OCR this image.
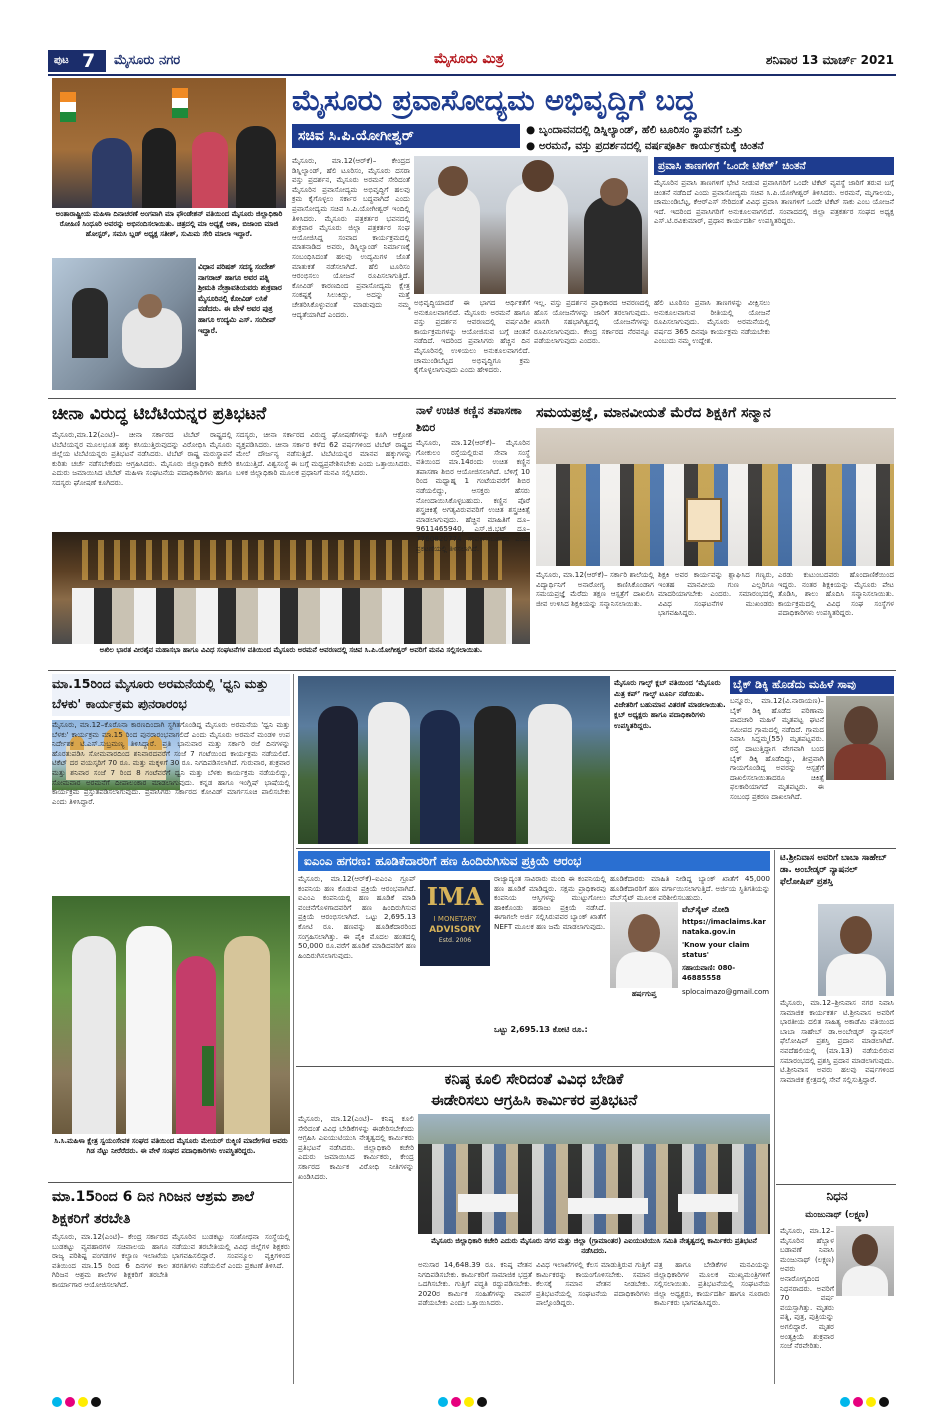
ಪುಟ 7 ಮೈಸೂರು ನಗರ	ಮೈಸೂರು ಮಿತ್ರ	ಶನಿವಾರ 13 ಮಾರ್ಚ್ 2021
ಅಂತಾರಾಷ್ಟ್ರೀಯ ಮಹಿಳಾ ದಿನಾಚರಣೆ ಅಂಗವಾಗಿ ಮಾ ಫೌಂಡೇಶನ್ ವತಿಯಿಂದ ಮೈಸೂರು ಜಿಲ್ಲಾಧಿಕಾರಿ ರೋಹಿಣಿ ಸಿಂಧೂರಿ ಅವರನ್ನು ಅಭಿನಂದಿಸಲಾಯಿತು. ಚಿತ್ರದಲ್ಲಿ ಮಾ ಅಧ್ಯಕ್ಷೆ ಆಶಾ, ಬಿಜಾಂಬಿ ಮಾಜಿ ಹೋಸ್ಟರ್, ಸಮಸಿ ಬ್ಲಡ್ ಅಧ್ಯಕ್ಷ ಸತೀಶ್, ಸುಮಿಮ ಸೇರಿ ಮಾಲಾ ಇದ್ದಾರೆ.
ವಿಧಾನ ಪರಿಷತ್ ಸದಸ್ಯ ಸಂದೇಶ್ ನಾಗರಾಜ್ ಹಾಗೂ ಅವರ ಪತ್ನಿ ಶ್ರೀಮತಿ ನೇತ್ರಾವತಿಯವರು ಶುಕ್ರವಾರ ಮೈಸೂರಿನಲ್ಲಿ ಕೋವಿಡ್ ಲಸಿಕೆ ಪಡೆದರು. ಈ ವೇಳೆ ಅವರ ಪುತ್ರ ಹಾಗೂ ಉದ್ಯಮಿ ಎಸ್. ಸಂದೀಪ್ ಇದ್ದಾರೆ.
ಮೈಸೂರು ಪ್ರವಾಸೋದ್ಯಮ ಅಭಿವೃದ್ಧಿಗೆ ಬದ್ಧ
ಸಚಿವ ಸಿ.ಪಿ.ಯೋಗೀಶ್ವರ್	● ಬೃಂದಾವನದಲ್ಲಿ ಡಿಸ್ನಿಲ್ಯಾಂಡ್, ಹೆಲಿ ಟೂರಿಸಂ ಸ್ಥಾಪನೆಗೆ ಒತ್ತು
● ಅರಮನೆ, ವಸ್ತು ಪ್ರದರ್ಶನದಲ್ಲಿ ವರ್ಷಪೂರ್ತಿ ಕಾರ್ಯಕ್ರಮಕ್ಕೆ ಚಿಂತನೆ
ಮೈಸೂರು, ಮಾ.12(ಆರ್‌ಕೆ)– ಕೇಂದ್ರದ ಡಿಸ್ನಿಲ್ಯಾಂಡ್, ಹೆಲಿ ಟೂರಿಸಂ, ಮೈಸೂರು ದಸರಾ ವಸ್ತು ಪ್ರದರ್ಶನ, ಮೈಸೂರು ಅರಮನೆ ಸೇರಿದಂತೆ ಮೈಸೂರಿನ ಪ್ರವಾಸೋದ್ಯಮ ಅಭಿವೃದ್ಧಿಗೆ ಹಲವು ಕ್ರಮ ಕೈಗೊಳ್ಳಲು ಸರ್ಕಾರ ಬದ್ಧವಾಗಿದೆ ಎಂದು ಪ್ರವಾಸೋದ್ಯಮ ಸಚಿವ ಸಿ.ಪಿ.ಯೋಗೀಶ್ವರ್ ಇಂದಿಲ್ಲಿ ತಿಳಿಸಿದರು. ಮೈಸೂರು ಪತ್ರಕರ್ತರ ಭವನದಲ್ಲಿ ಶುಕ್ರವಾರ ಮೈಸೂರು ಜಿಲ್ಲಾ ಪತ್ರಕರ್ತರ ಸಂಘ ಆಯೋಜಿಸಿದ್ದ ಸಂವಾದ ಕಾರ್ಯಕ್ರಮದಲ್ಲಿ ಮಾತನಾಡಿದ ಅವರು, ಡಿಸ್ನಿಲ್ಯಾಂಡ್ ನಿರ್ಮಾಣಕ್ಕೆ ಸಂಬಂಧಿಸಿದಂತೆ ಹಲವು ಉದ್ಯಮಿಗಳ ಜೊತೆ ಮಾತುಕತೆ ನಡೆಸಲಾಗಿದೆ. ಹೆಲಿ ಟೂರಿಸಂ ಆರಂಭಿಸಲು ಯೋಜನೆ ರೂಪಿಸಲಾಗುತ್ತಿದೆ. ಕೋವಿಡ್ ಕಾರಣದಿಂದ ಪ್ರವಾಸೋದ್ಯಮ ಕ್ಷೇತ್ರ ಸಂಕಷ್ಟಕ್ಕೆ ಸಿಲುಕಿದ್ದು, ಅದನ್ನು ಮತ್ತೆ ಚೇತರಿಸಿಕೊಳ್ಳುವಂತೆ ಮಾಡುವುದು ನಮ್ಮ ಆದ್ಯತೆಯಾಗಿದೆ ಎಂದರು.
ಅಭಿವೃದ್ಧಿಯಾದರೆ ಈ ಭಾಗದ ಆರ್ಥಿಕತೆಗೆ ಅನುಕೂಲವಾಗಲಿದೆ. ಮೈಸೂರು ಅರಮನೆ ಹಾಗೂ ವಸ್ತು ಪ್ರದರ್ಶನ ಆವರಣದಲ್ಲಿ ವರ್ಷವಿಡೀ ಕಾರ್ಯಕ್ರಮಗಳನ್ನು ಆಯೋಜಿಸುವ ಬಗ್ಗೆ ಚಿಂತನೆ ನಡೆದಿದೆ. ಇದರಿಂದ ಪ್ರವಾಸಿಗರು ಹೆಚ್ಚಿನ ದಿನ ಮೈಸೂರಿನಲ್ಲಿ ಉಳಿಯಲು ಅನುಕೂಲವಾಗಲಿದೆ. ಚಾಮುಂಡಿಬೆಟ್ಟದ ಅಭಿವೃದ್ಧಿಗೂ ಕ್ರಮ ಕೈಗೊಳ್ಳಲಾಗುವುದು ಎಂದು ಹೇಳಿದರು.
ಇಲ್ಲ. ವಸ್ತು ಪ್ರದರ್ಶನ ಪ್ರಾಧಿಕಾರದ ಆವರಣದಲ್ಲಿ ಹೊಸ ಯೋಜನೆಗಳನ್ನು ಜಾರಿಗೆ ತರಲಾಗುವುದು. ಖಾಸಗಿ ಸಹಭಾಗಿತ್ವದಲ್ಲಿ ಯೋಜನೆಗಳನ್ನು ರೂಪಿಸಲಾಗುವುದು. ಕೇಂದ್ರ ಸರ್ಕಾರದ ನೆರವನ್ನೂ ಪಡೆಯಲಾಗುವುದು ಎಂದರು.
ಹೆಲಿ ಟೂರಿಸಂ ಪ್ರವಾಸಿ ತಾಣಗಳನ್ನು ವೀಕ್ಷಿಸಲು ಅನುಕೂಲವಾಗುವ ರೀತಿಯಲ್ಲಿ ಯೋಜನೆ ರೂಪಿಸಲಾಗುವುದು. ಮೈಸೂರು ಅರಮನೆಯಲ್ಲಿ ವರ್ಷದ 365 ದಿನವೂ ಕಾರ್ಯಕ್ರಮ ನಡೆಯಬೇಕು ಎಂಬುದು ನಮ್ಮ ಉದ್ದೇಶ.
ಪ್ರವಾಸಿ ತಾಣಗಳಿಗೆ ‘ಒಂದೇ ಟಿಕೆಟ್’ ಚಿಂತನೆ
ಮೈಸೂರಿನ ಪ್ರವಾಸಿ ತಾಣಗಳಿಗೆ ಭೇಟಿ ನೀಡುವ ಪ್ರವಾಸಿಗರಿಗೆ ಒಂದೇ ಟಿಕೆಟ್ ವ್ಯವಸ್ಥೆ ಜಾರಿಗೆ ತರುವ ಬಗ್ಗೆ ಚಿಂತನೆ ನಡೆದಿದೆ ಎಂದು ಪ್ರವಾಸೋದ್ಯಮ ಸಚಿವ ಸಿ.ಪಿ.ಯೋಗೀಶ್ವರ್ ತಿಳಿಸಿದರು. ಅರಮನೆ, ಮೃಗಾಲಯ, ಚಾಮುಂಡಿಬೆಟ್ಟ, ಕೆಆರ್‌ಎಸ್ ಸೇರಿದಂತೆ ವಿವಿಧ ಪ್ರವಾಸಿ ತಾಣಗಳಿಗೆ ಒಂದೇ ಟಿಕೆಟ್ ಸಾಕು ಎಂಬ ಯೋಜನೆ ಇದೆ. ಇದರಿಂದ ಪ್ರವಾಸಿಗರಿಗೆ ಅನುಕೂಲವಾಗಲಿದೆ. ಸಂವಾದದಲ್ಲಿ ಜಿಲ್ಲಾ ಪತ್ರಕರ್ತರ ಸಂಘದ ಅಧ್ಯಕ್ಷ ಎಸ್.ಟಿ.ರವಿಕುಮಾರ್, ಪ್ರಧಾನ ಕಾರ್ಯದರ್ಶಿ ಉಪಸ್ಥಿತರಿದ್ದರು.
ಚೀನಾ ವಿರುದ್ಧ ಟಿಬೆಟಿಯನ್ನರ ಪ್ರತಿಭಟನೆ
ಮೈಸೂರು,ಮಾ.12(ಎಂಟಿ)– ಚೀನಾ ಸರ್ಕಾರದ ಟಿಬೆಟ್ ರಾಷ್ಟ್ರದಲ್ಲಿ ಟಿಬೆಟಿಯನ್ನರ ಮೂಲಭೂತ ಹಕ್ಕು ಕಸಿಯುತ್ತಿರುವುದನ್ನು ವಿರೋಧಿಸಿ ಮೈಸೂರು ಜಿಲ್ಲೆಯ ಟಿಬೆಟಿಯನ್ನರು ಪ್ರತಿಭಟನೆ ನಡೆಸಿದರು. ಟಿಬೆಟ್ ರಾಷ್ಟ್ರ ಮರುಸ್ಥಾಪನೆ ಕುರಿತು ಚರ್ಚೆ ನಡೆಸಬೇಕೆಂದು ಆಗ್ರಹಿಸಿದರು. ಮೈಸೂರು ಜಿಲ್ಲಾಧಿಕಾರಿ ಕಚೇರಿ ಎದುರು ಜಮಾಯಿಸಿದ ಟಿಬೆಟ್ ಮಹಿಳಾ ಸಂಘಟನೆಯ ಪದಾಧಿಕಾರಿಗಳು ಹಾಗೂ ಸದಸ್ಯರು ಘೋಷಣೆ ಕೂಗಿದರು.
ಸದಸ್ಯರು, ಚೀನಾ ಸರ್ಕಾರದ ವಿರುದ್ಧ ಘೋಷಣೆಗಳನ್ನು ಕೂಗಿ ಆಕ್ರೋಶ ವ್ಯಕ್ತಪಡಿಸಿದರು. ಚೀನಾ ಸರ್ಕಾರ ಕಳೆದ 62 ವರ್ಷಗಳಿಂದ ಟಿಬೆಟ್ ರಾಷ್ಟ್ರದ ಮೇಲೆ ದೌರ್ಜನ್ಯ ನಡೆಸುತ್ತಿದೆ. ಟಿಬೆಟಿಯನ್ನರ ಮಾನವ ಹಕ್ಕುಗಳನ್ನು ಕಸಿಯುತ್ತಿದೆ. ವಿಶ್ವಸಂಸ್ಥೆ ಈ ಬಗ್ಗೆ ಮಧ್ಯಪ್ರವೇಶಿಸಬೇಕು ಎಂದು ಒತ್ತಾಯಿಸಿದರು. ಬಳಿಕ ಜಿಲ್ಲಾಧಿಕಾರಿ ಮೂಲಕ ಪ್ರಧಾನಿಗೆ ಮನವಿ ಸಲ್ಲಿಸಿದರು.
ಅಖಿಲ ಭಾರತ ವೀರಶೈವ ಮಹಾಸಭಾ ಹಾಗೂ ವಿವಿಧ ಸಂಘಟನೆಗಳ ವತಿಯಿಂದ ಮೈಸೂರು ಅರಮನೆ ಆವರಣದಲ್ಲಿ ಸಚಿವ ಸಿ.ಪಿ.ಯೋಗೀಶ್ವರ್ ಅವರಿಗೆ ಮನವಿ ಸಲ್ಲಿಸಲಾಯಿತು.
ನಾಳೆ ಉಚಿತ ಕಣ್ಣಿನ ತಪಾಸಣಾ ಶಿಬಿರ
ಮೈಸೂರು, ಮಾ.12(ಆರ್‌ಕೆ)– ಮೈಸೂರಿನ ಗೋಕುಲಂ ರಸ್ತೆಯಲ್ಲಿರುವ ಸೇವಾ ಸಂಸ್ಥೆ ವತಿಯಿಂದ ಮಾ.14ರಂದು ಉಚಿತ ಕಣ್ಣಿನ ತಪಾಸಣಾ ಶಿಬಿರ ಆಯೋಜಿಸಲಾಗಿದೆ. ಬೆಳಿಗ್ಗೆ 10 ರಿಂದ ಮಧ್ಯಾಹ್ನ 1 ಗಂಟೆಯವರೆಗೆ ಶಿಬಿರ ನಡೆಯಲಿದ್ದು, ಆಸಕ್ತರು ಹೆಸರು ನೋಂದಾಯಿಸಿಕೊಳ್ಳಬಹುದು. ಕಣ್ಣಿನ ಪೊರೆ ಶಸ್ತ್ರಚಿಕಿತ್ಸೆ ಅಗತ್ಯವಿರುವವರಿಗೆ ಉಚಿತ ಶಸ್ತ್ರಚಿಕಿತ್ಸೆ ಮಾಡಲಾಗುವುದು. ಹೆಚ್ಚಿನ ಮಾಹಿತಿಗೆ ದೂ– 9611465940, ಎಸ್.ಜಿ.ಭಟ್ ದೂ– 7760820774 ಸಂಪರ್ಕಿಸಬಹುದು ಎಂದು ಪ್ರಕಟಣೆಯಲ್ಲಿ ತಿಳಿಸಲಾಗಿದೆ.
ಸಮಯಪ್ರಜ್ಞೆ, ಮಾನವೀಯತೆ ಮೆರೆದ ಶಿಕ್ಷಕಿಗೆ ಸನ್ಮಾನ
ಮೈಸೂರು, ಮಾ.12(ಆರ್‌ಕೆ)– ಸರ್ಕಾರಿ ಶಾಲೆಯಲ್ಲಿ ವಿದ್ಯಾರ್ಥಿನಿಗೆ ಅನಾರೋಗ್ಯ ಕಾಣಿಸಿಕೊಂಡಾಗ ಸಮಯಪ್ರಜ್ಞೆ ಮೆರೆದು ತಕ್ಷಣ ಆಸ್ಪತ್ರೆಗೆ ದಾಖಲಿಸಿ ಜೀವ ಉಳಿಸಿದ ಶಿಕ್ಷಕಿಯನ್ನು ಸನ್ಮಾನಿಸಲಾಯಿತು.
ಶಿಕ್ಷಕಿ ಅವರ ಕಾರ್ಯವನ್ನು ಶ್ಲಾಘಿಸಿದ ಗಣ್ಯರು, ಇಂತಹ ಮಾನವೀಯ ಗುಣ ಎಲ್ಲರಿಗೂ ಮಾದರಿಯಾಗಬೇಕು ಎಂದರು. ಸಮಾರಂಭದಲ್ಲಿ ವಿವಿಧ ಸಂಘಟನೆಗಳ ಮುಖಂಡರು ಭಾಗವಹಿಸಿದ್ದರು.
ಎರಡು ಕುಟುಂಬದವರು ಹೊಂದಾಣಿಕೆಯಿಂದ ಇದ್ದರು. ನಂತರ ಶಿಕ್ಷಕಿಯನ್ನು ಮೈಸೂರು ಪೇಟ ತೊಡಿಸಿ, ಶಾಲು ಹೊದಿಸಿ ಸನ್ಮಾನಿಸಲಾಯಿತು. ಕಾರ್ಯಕ್ರಮದಲ್ಲಿ ವಿವಿಧ ಸಂಘ ಸಂಸ್ಥೆಗಳ ಪದಾಧಿಕಾರಿಗಳು ಉಪಸ್ಥಿತರಿದ್ದರು.
ಮಾ.15ರಿಂದ ಮೈಸೂರು ಅರಮನೆಯಲ್ಲಿ 'ಧ್ವನಿ ಮತ್ತು ಬೆಳಕು' ಕಾರ್ಯಕ್ರಮ ಪುನರಾರಂಭ
ಮೈಸೂರು, ಮಾ.12–ಕೊರೊನಾ ಕಾರಣದಿಂದಾಗಿ ಸ್ಥಗಿತಗೊಂಡಿದ್ದ ಮೈಸೂರು ಅರಮನೆಯ 'ಧ್ವನಿ ಮತ್ತು ಬೆಳಕು' ಕಾರ್ಯಕ್ರಮ ಮಾ.15 ರಿಂದ ಪುನರಾರಂಭವಾಗಲಿದೆ ಎಂದು ಮೈಸೂರು ಅರಮನೆ ಮಂಡಳಿ ಉಪ ನಿರ್ದೇಶಕ ಟಿ.ಎಸ್.ಸುಬ್ರಮಣ್ಯ ತಿಳಿಸಿದ್ದಾರೆ. ಪ್ರತಿ ಭಾನುವಾರ ಮತ್ತು ಸರ್ಕಾರಿ ರಜೆ ದಿನಗಳನ್ನು ಹೊರತುಪಡಿಸಿ ಸೋಮವಾರದಿಂದ ಶನಿವಾರದವರೆಗೆ ಸಂಜೆ 7 ಗಂಟೆಯಿಂದ ಕಾರ್ಯಕ್ರಮ ನಡೆಯಲಿದೆ. ಟಿಕೆಟ್ ದರ ವಯಸ್ಕರಿಗೆ 70 ರೂ. ಮತ್ತು ಮಕ್ಕಳಿಗೆ 30 ರೂ. ನಿಗದಿಪಡಿಸಲಾಗಿದೆ. ಗುರುವಾರ, ಶುಕ್ರವಾರ ಮತ್ತು ಶನಿವಾರ ಸಂಜೆ 7 ರಿಂದ 8 ಗಂಟೆವರೆಗೆ ಧ್ವನಿ ಮತ್ತು ಬೆಳಕು ಕಾರ್ಯಕ್ರಮ ನಡೆಯಲಿದ್ದು, ಸೋಮವಾರ ಅರಮನೆಗೆ ದೀಪಾಲಂಕಾರ ಮಾಡಲಾಗುವುದು. ಕನ್ನಡ ಹಾಗೂ ಇಂಗ್ಲಿಷ್ ಭಾಷೆಯಲ್ಲಿ ಕಾರ್ಯಕ್ರಮ ಪ್ರಸ್ತುತಪಡಿಸಲಾಗುವುದು. ಪ್ರವಾಸಿಗರು ಸರ್ಕಾರದ ಕೋವಿಡ್ ಮಾರ್ಗಸೂಚಿ ಪಾಲಿಸಬೇಕು ಎಂದು ತಿಳಿಸಿದ್ದಾರೆ.
ಸಿ.ಸಿ.ಮಹಿಳಾ ಕ್ಷೇತ್ರ ಸ್ವಯಂಸೇವಕ ಸಂಘದ ವತಿಯಿಂದ ಮೈಸೂರು ಮೇಯರ್ ರುಕ್ಮಿಣಿ ಮಾದೇಗೌಡ ಅವರು ಗಿಡ ನೆಟ್ಟು ನೀರೆರೆದರು. ಈ ವೇಳೆ ಸಂಘದ ಪದಾಧಿಕಾರಿಗಳು ಉಪಸ್ಥಿತರಿದ್ದರು.
ಮಾ.15ರಿಂದ 6 ದಿನ ಗಿರಿಜನ ಆಶ್ರಮ ಶಾಲೆ ಶಿಕ್ಷಕರಿಗೆ ತರಬೇತಿ
ಮೈಸೂರು, ಮಾ.12(ಎಂಟಿ)– ಕೇಂದ್ರ ಸರ್ಕಾರದ ಬುಡಕಟ್ಟು ವ್ಯವಹಾರಗಳ ಸಚಿವಾಲಯ ಹಾಗೂ ರಾಜ್ಯ ಪರಿಶಿಷ್ಟ ಪಂಗಡಗಳ ಕಲ್ಯಾಣ ಇಲಾಖೆಯ ವತಿಯಿಂದ ಮಾ.15 ರಿಂದ 6 ದಿನಗಳ ಕಾಲ ಗಿರಿಜನ ಆಶ್ರಮ ಶಾಲೆಗಳ ಶಿಕ್ಷಕರಿಗೆ ತರಬೇತಿ ಕಾರ್ಯಾಗಾರ ಆಯೋಜಿಸಲಾಗಿದೆ.
ಮೈಸೂರಿನ ಬುಡಕಟ್ಟು ಸಂಶೋಧನಾ ಸಂಸ್ಥೆಯಲ್ಲಿ ನಡೆಯುವ ತರಬೇತಿಯಲ್ಲಿ ವಿವಿಧ ಜಿಲ್ಲೆಗಳ ಶಿಕ್ಷಕರು ಭಾಗವಹಿಸಲಿದ್ದಾರೆ. ಸಂಪನ್ಮೂಲ ವ್ಯಕ್ತಿಗಳಿಂದ ತರಗತಿಗಳು ನಡೆಯಲಿವೆ ಎಂದು ಪ್ರಕಟಣೆ ತಿಳಿಸಿದೆ.
ಮೈಸೂರು ಗಾಲ್ಫ್ ಕ್ಲಬ್ ವತಿಯಿಂದ ‘ಮೈಸೂರು ಮಿತ್ರ ಕಪ್’ ಗಾಲ್ಫ್ ಟೂರ್ನಿ ನಡೆಯಿತು. ವಿಜೇತರಿಗೆ ಬಹುಮಾನ ವಿತರಣೆ ಮಾಡಲಾಯಿತು. ಕ್ಲಬ್ ಅಧ್ಯಕ್ಷರು ಹಾಗೂ ಪದಾಧಿಕಾರಿಗಳು ಉಪಸ್ಥಿತರಿದ್ದರು.
ಬೈಕ್ ಡಿಕ್ಕಿ ಹೊಡೆದು ಮಹಿಳೆ ಸಾವು
ಬನ್ನೂರು, ಮಾ.12(ವಿ.ನಾರಾಯಣ)– ಬೈಕ್ ಡಿಕ್ಕಿ ಹೊಡೆದ ಪರಿಣಾಮ ಪಾದಚಾರಿ ಮಹಿಳೆ ಮೃತಪಟ್ಟ ಘಟನೆ ಸಮೀಪದ ಗ್ರಾಮದಲ್ಲಿ ನಡೆದಿದೆ. ಗ್ರಾಮದ ನಿವಾಸಿ ಸಿದ್ದಮ್ಮ(55) ಮೃತಪಟ್ಟವರು. ರಸ್ತೆ ದಾಟುತ್ತಿದ್ದಾಗ ವೇಗವಾಗಿ ಬಂದ ಬೈಕ್ ಡಿಕ್ಕಿ ಹೊಡೆದಿದ್ದು, ತೀವ್ರವಾಗಿ ಗಾಯಗೊಂಡಿದ್ದ ಅವರನ್ನು ಆಸ್ಪತ್ರೆಗೆ ದಾಖಲಿಸಲಾಯಿತಾದರೂ ಚಿಕಿತ್ಸೆ ಫಲಕಾರಿಯಾಗದೆ ಮೃತಪಟ್ಟರು. ಈ ಸಂಬಂಧ ಪ್ರಕರಣ ದಾಖಲಾಗಿದೆ.
ಐಎಂಎ ಹಗರಣ: ಹೂಡಿಕೆದಾರರಿಗೆ ಹಣ ಹಿಂದಿರುಗಿಸುವ ಪ್ರಕ್ರಿಯೆ ಆರಂಭ
ಮೈಸೂರು, ಮಾ.12(ಆರ್‌ಕೆ)–ಐಎಂಎ ಗ್ರೂಪ್ ಕಂಪನಿಯ ಹಣ ಕೊಡುವ ಪ್ರಕ್ರಿಯೆ ಆರಂಭವಾಗಿದೆ. ಐಎಂಎ ಕಂಪನಿಯಲ್ಲಿ ಹಣ ಹೂಡಿಕೆ ಮಾಡಿ ವಂಚನೆಗೊಳಗಾದವರಿಗೆ ಹಣ ಹಿಂದಿರುಗಿಸುವ ಪ್ರಕ್ರಿಯೆ ಆರಂಭಿಸಲಾಗಿದೆ. ಒಟ್ಟು 2,695.13 ಕೋಟಿ ರೂ. ಹಣವನ್ನು ಹೂಡಿಕೆದಾರರಿಂದ ಸಂಗ್ರಹಿಸಲಾಗಿತ್ತು. ಈ ಪೈಕಿ ಮೊದಲ ಹಂತದಲ್ಲಿ 50,000 ರೂ.ವರೆಗೆ ಹೂಡಿಕೆ ಮಾಡಿದವರಿಗೆ ಹಣ ಹಿಂದಿರುಗಿಸಲಾಗುವುದು.
IMA
I MONETARY
ADVISORY
Estd. 2006
ರಾಜ್ಯಾದ್ಯಂತ ಸಾವಿರಾರು ಮಂದಿ ಈ ಕಂಪನಿಯಲ್ಲಿ ಹಣ ಹೂಡಿಕೆ ಮಾಡಿದ್ದರು. ಸಕ್ಷಮ ಪ್ರಾಧಿಕಾರವು ಕಂಪನಿಯ ಆಸ್ತಿಗಳನ್ನು ಮುಟ್ಟುಗೋಲು ಹಾಕಿಕೊಂಡು ಹರಾಜು ಪ್ರಕ್ರಿಯೆ ನಡೆಸಿದೆ. ಈಗಾಗಲೇ ಅರ್ಜಿ ಸಲ್ಲಿಸಿರುವವರ ಬ್ಯಾಂಕ್ ಖಾತೆಗೆ NEFT ಮೂಲಕ ಹಣ ಜಮೆ ಮಾಡಲಾಗುವುದು.
ಒಟ್ಟು 2,695.13 ಕೋಟಿ ರೂ.:
ಹೂಡಿಕೆದಾರರು ಮಾಹಿತಿ ನೀಡಿದ್ದ ಬ್ಯಾಂಕ್ ಖಾತೆಗೆ 45,000 ಹೂಡಿಕೆದಾರರಿಗೆ ಹಣ ವರ್ಗಾಯಿಸಲಾಗುತ್ತಿದೆ. ಅರ್ಜಿಯ ಸ್ಥಿತಿಗತಿಯನ್ನು ವೆಬ್‌ಸೈಟ್ ಮೂಲಕ ಪರಿಶೀಲಿಸಬಹುದು.
ಹರ್ಷಗುಪ್ತ
ವೆಬ್‌ಸೈಟ್ ನೋಡಿ
https://imaclaims.karnataka.gov.in
'Know your claim status'
ಸಹಾಯವಾಣಿ: 080-46885558
splocaimazo@gmail.com
ಟಿ.ಶ್ರೀನಿವಾಸ ಅವರಿಗೆ ಬಾಬಾ ಸಾಹೇಬ್ ಡಾ. ಅಂಬೇಡ್ಕರ್ ನ್ಯಾಷನಲ್ ಫೆಲೋಷಿಪ್ ಪ್ರಶಸ್ತಿ
ಮೈಸೂರು, ಮಾ.12–ಶ್ರೀನಿವಾಸ ನಗರ ನಿವಾಸಿ ಸಾಮಾಜಿಕ ಕಾರ್ಯಕರ್ತ ಟಿ.ಶ್ರೀನಿವಾಸ ಅವರಿಗೆ ಭಾರತೀಯ ದಲಿತ ಸಾಹಿತ್ಯ ಅಕಾಡೆಮಿ ವತಿಯಿಂದ ಬಾಬಾ ಸಾಹೇಬ್ ಡಾ.ಅಂಬೇಡ್ಕರ್ ನ್ಯಾಷನಲ್ ಫೆಲೋಷಿಪ್ ಪ್ರಶಸ್ತಿ ಪ್ರದಾನ ಮಾಡಲಾಗಿದೆ. ನವದೆಹಲಿಯಲ್ಲಿ (ಮಾ.13) ನಡೆಯಲಿರುವ ಸಮಾರಂಭದಲ್ಲಿ ಪ್ರಶಸ್ತಿ ಪ್ರದಾನ ಮಾಡಲಾಗುವುದು. ಟಿ.ಶ್ರೀನಿವಾಸ ಅವರು ಹಲವು ವರ್ಷಗಳಿಂದ ಸಾಮಾಜಿಕ ಕ್ಷೇತ್ರದಲ್ಲಿ ಸೇವೆ ಸಲ್ಲಿಸುತ್ತಿದ್ದಾರೆ.
ನಿಧನ
ಮಂಜುನಾಥ್ (ಲಕ್ಷ್ಮಣ)
ಮೈಸೂರು, ಮಾ.12–ಮೈಸೂರಿನ ಹೆಬ್ಬಾಳ ಬಡಾವಣೆ ನಿವಾಸಿ ಮಂಜುನಾಥ್ (ಲಕ್ಷ್ಮಣ) ಅವರು ಅನಾರೋಗ್ಯದಿಂದ ನಿಧನರಾದರು. ಅವರಿಗೆ 70 ವರ್ಷ ವಯಸ್ಸಾಗಿತ್ತು. ಮೃತರು ಪತ್ನಿ, ಪುತ್ರ, ಪುತ್ರಿಯನ್ನು ಅಗಲಿದ್ದಾರೆ. ಮೃತರ ಅಂತ್ಯಕ್ರಿಯೆ ಶುಕ್ರವಾರ ಸಂಜೆ ನೆರವೇರಿತು.
ಕನಿಷ್ಠ ಕೂಲಿ ಸೇರಿದಂತೆ ವಿವಿಧ ಬೇಡಿಕೆ
ಈಡೇರಿಸಲು ಆಗ್ರಹಿಸಿ ಕಾರ್ಮಿಕರ ಪ್ರತಿಭಟನೆ
ಮೈಸೂರು, ಮಾ.12(ಎಂಟಿ)– ಕನಿಷ್ಠ ಕೂಲಿ ಸೇರಿದಂತೆ ವಿವಿಧ ಬೇಡಿಕೆಗಳನ್ನು ಈಡೇರಿಸಬೇಕೆಂದು ಆಗ್ರಹಿಸಿ ಎಐಯುಟಿಯುಸಿ ನೇತೃತ್ವದಲ್ಲಿ ಕಾರ್ಮಿಕರು ಪ್ರತಿಭಟನೆ ನಡೆಸಿದರು. ಜಿಲ್ಲಾಧಿಕಾರಿ ಕಚೇರಿ ಎದುರು ಜಮಾಯಿಸಿದ ಕಾರ್ಮಿಕರು, ಕೇಂದ್ರ ಸರ್ಕಾರದ ಕಾರ್ಮಿಕ ವಿರೋಧಿ ನೀತಿಗಳನ್ನು ಖಂಡಿಸಿದರು.
ಮೈಸೂರು ಜಿಲ್ಲಾಧಿಕಾರಿ ಕಚೇರಿ ಎದುರು ಮೈಸೂರು ನಗರ ಮತ್ತು ಜಿಲ್ಲಾ (ಗ್ರಾಮಾಂತರ) ಎಐಯುಟಿಯುಸಿ ಸಮಿತಿ ನೇತೃತ್ವದಲ್ಲಿ ಕಾರ್ಮಿಕರು ಪ್ರತಿಭಟನೆ ನಡೆಸಿದರು.
ಅನುಸಾರ 14,648.39 ರೂ. ಕನಿಷ್ಠ ವೇತನ ನಿಗದಿಪಡಿಸಬೇಕು. ಕಾರ್ಮಿಕರಿಗೆ ಸಾಮಾಜಿಕ ಭದ್ರತೆ ಒದಗಿಸಬೇಕು. ಗುತ್ತಿಗೆ ಪದ್ಧತಿ ರದ್ದುಪಡಿಸಬೇಕು. 2020ರ ಕಾರ್ಮಿಕ ಸಂಹಿತೆಗಳನ್ನು ವಾಪಸ್ ಪಡೆಯಬೇಕು ಎಂದು ಒತ್ತಾಯಿಸಿದರು.
ವಿವಿಧ ಇಲಾಖೆಗಳಲ್ಲಿ ಕೆಲಸ ಮಾಡುತ್ತಿರುವ ಗುತ್ತಿಗೆ ಕಾರ್ಮಿಕರನ್ನು ಕಾಯಂಗೊಳಿಸಬೇಕು. ಸಮಾನ ಕೆಲಸಕ್ಕೆ ಸಮಾನ ವೇತನ ನೀಡಬೇಕು. ಪ್ರತಿಭಟನೆಯಲ್ಲಿ ಸಂಘಟನೆಯ ಪದಾಧಿಕಾರಿಗಳು ಪಾಲ್ಗೊಂಡಿದ್ದರು.
ಪತ್ರ ಹಾಗೂ ಬೇಡಿಕೆಗಳ ಮನವಿಯನ್ನು ಜಿಲ್ಲಾಧಿಕಾರಿಗಳ ಮೂಲಕ ಮುಖ್ಯಮಂತ್ರಿಗಳಿಗೆ ಸಲ್ಲಿಸಲಾಯಿತು. ಪ್ರತಿಭಟನೆಯಲ್ಲಿ ಸಂಘಟನೆಯ ಜಿಲ್ಲಾ ಅಧ್ಯಕ್ಷರು, ಕಾರ್ಯದರ್ಶಿ ಹಾಗೂ ನೂರಾರು ಕಾರ್ಮಿಕರು ಭಾಗವಹಿಸಿದ್ದರು.
